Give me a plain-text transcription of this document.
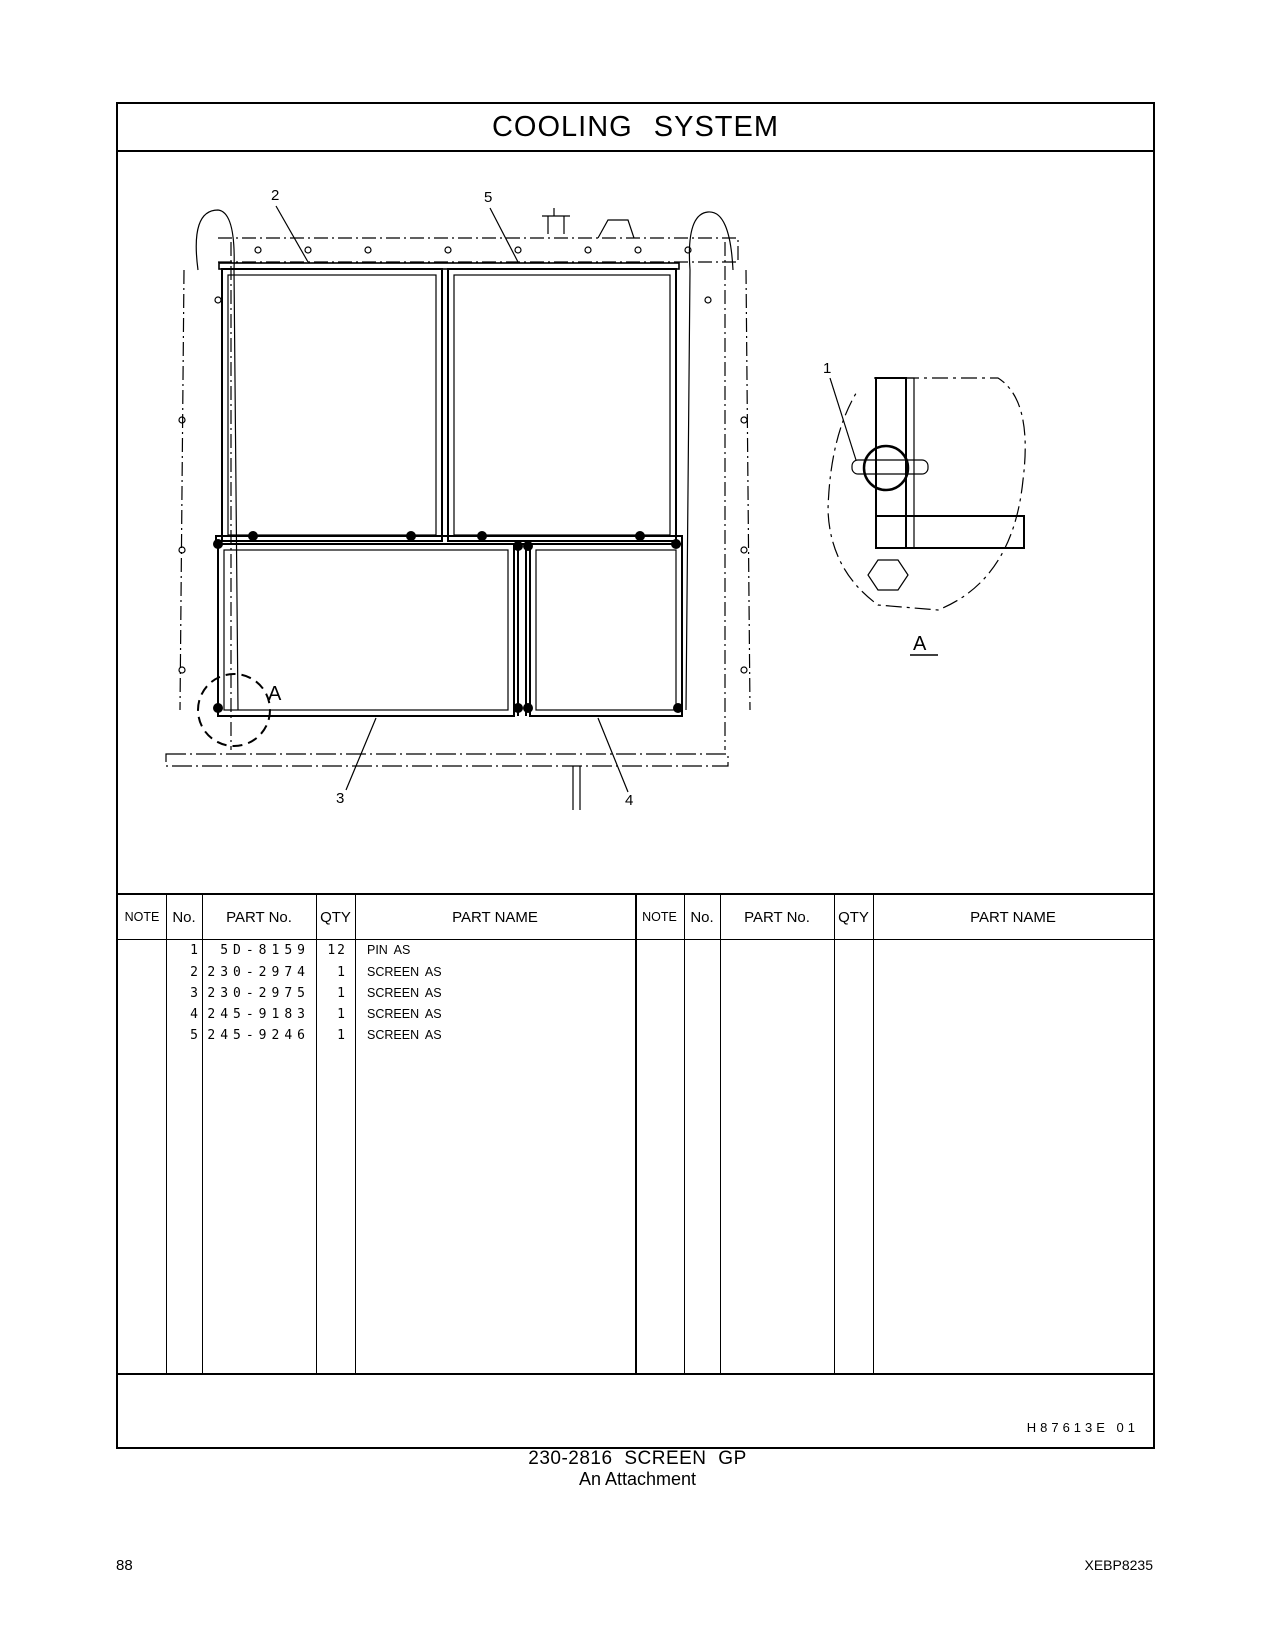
COOLING SYSTEM
2	5
1
3	4
A
A
NOTE No.	PART No.	QTY	PART NAME	NOTE No.	PART No.	QTY	PART NAME
1	5D-8159	12 PIN AS
2 230-2974	1 SCREEN AS
3 230-2975	1 SCREEN AS
4 245-9183	1 SCREEN AS
5 245-9246	1 SCREEN AS
H87613E 01
230-2816 SCREEN GP
An Attachment
88	XEBP8235
